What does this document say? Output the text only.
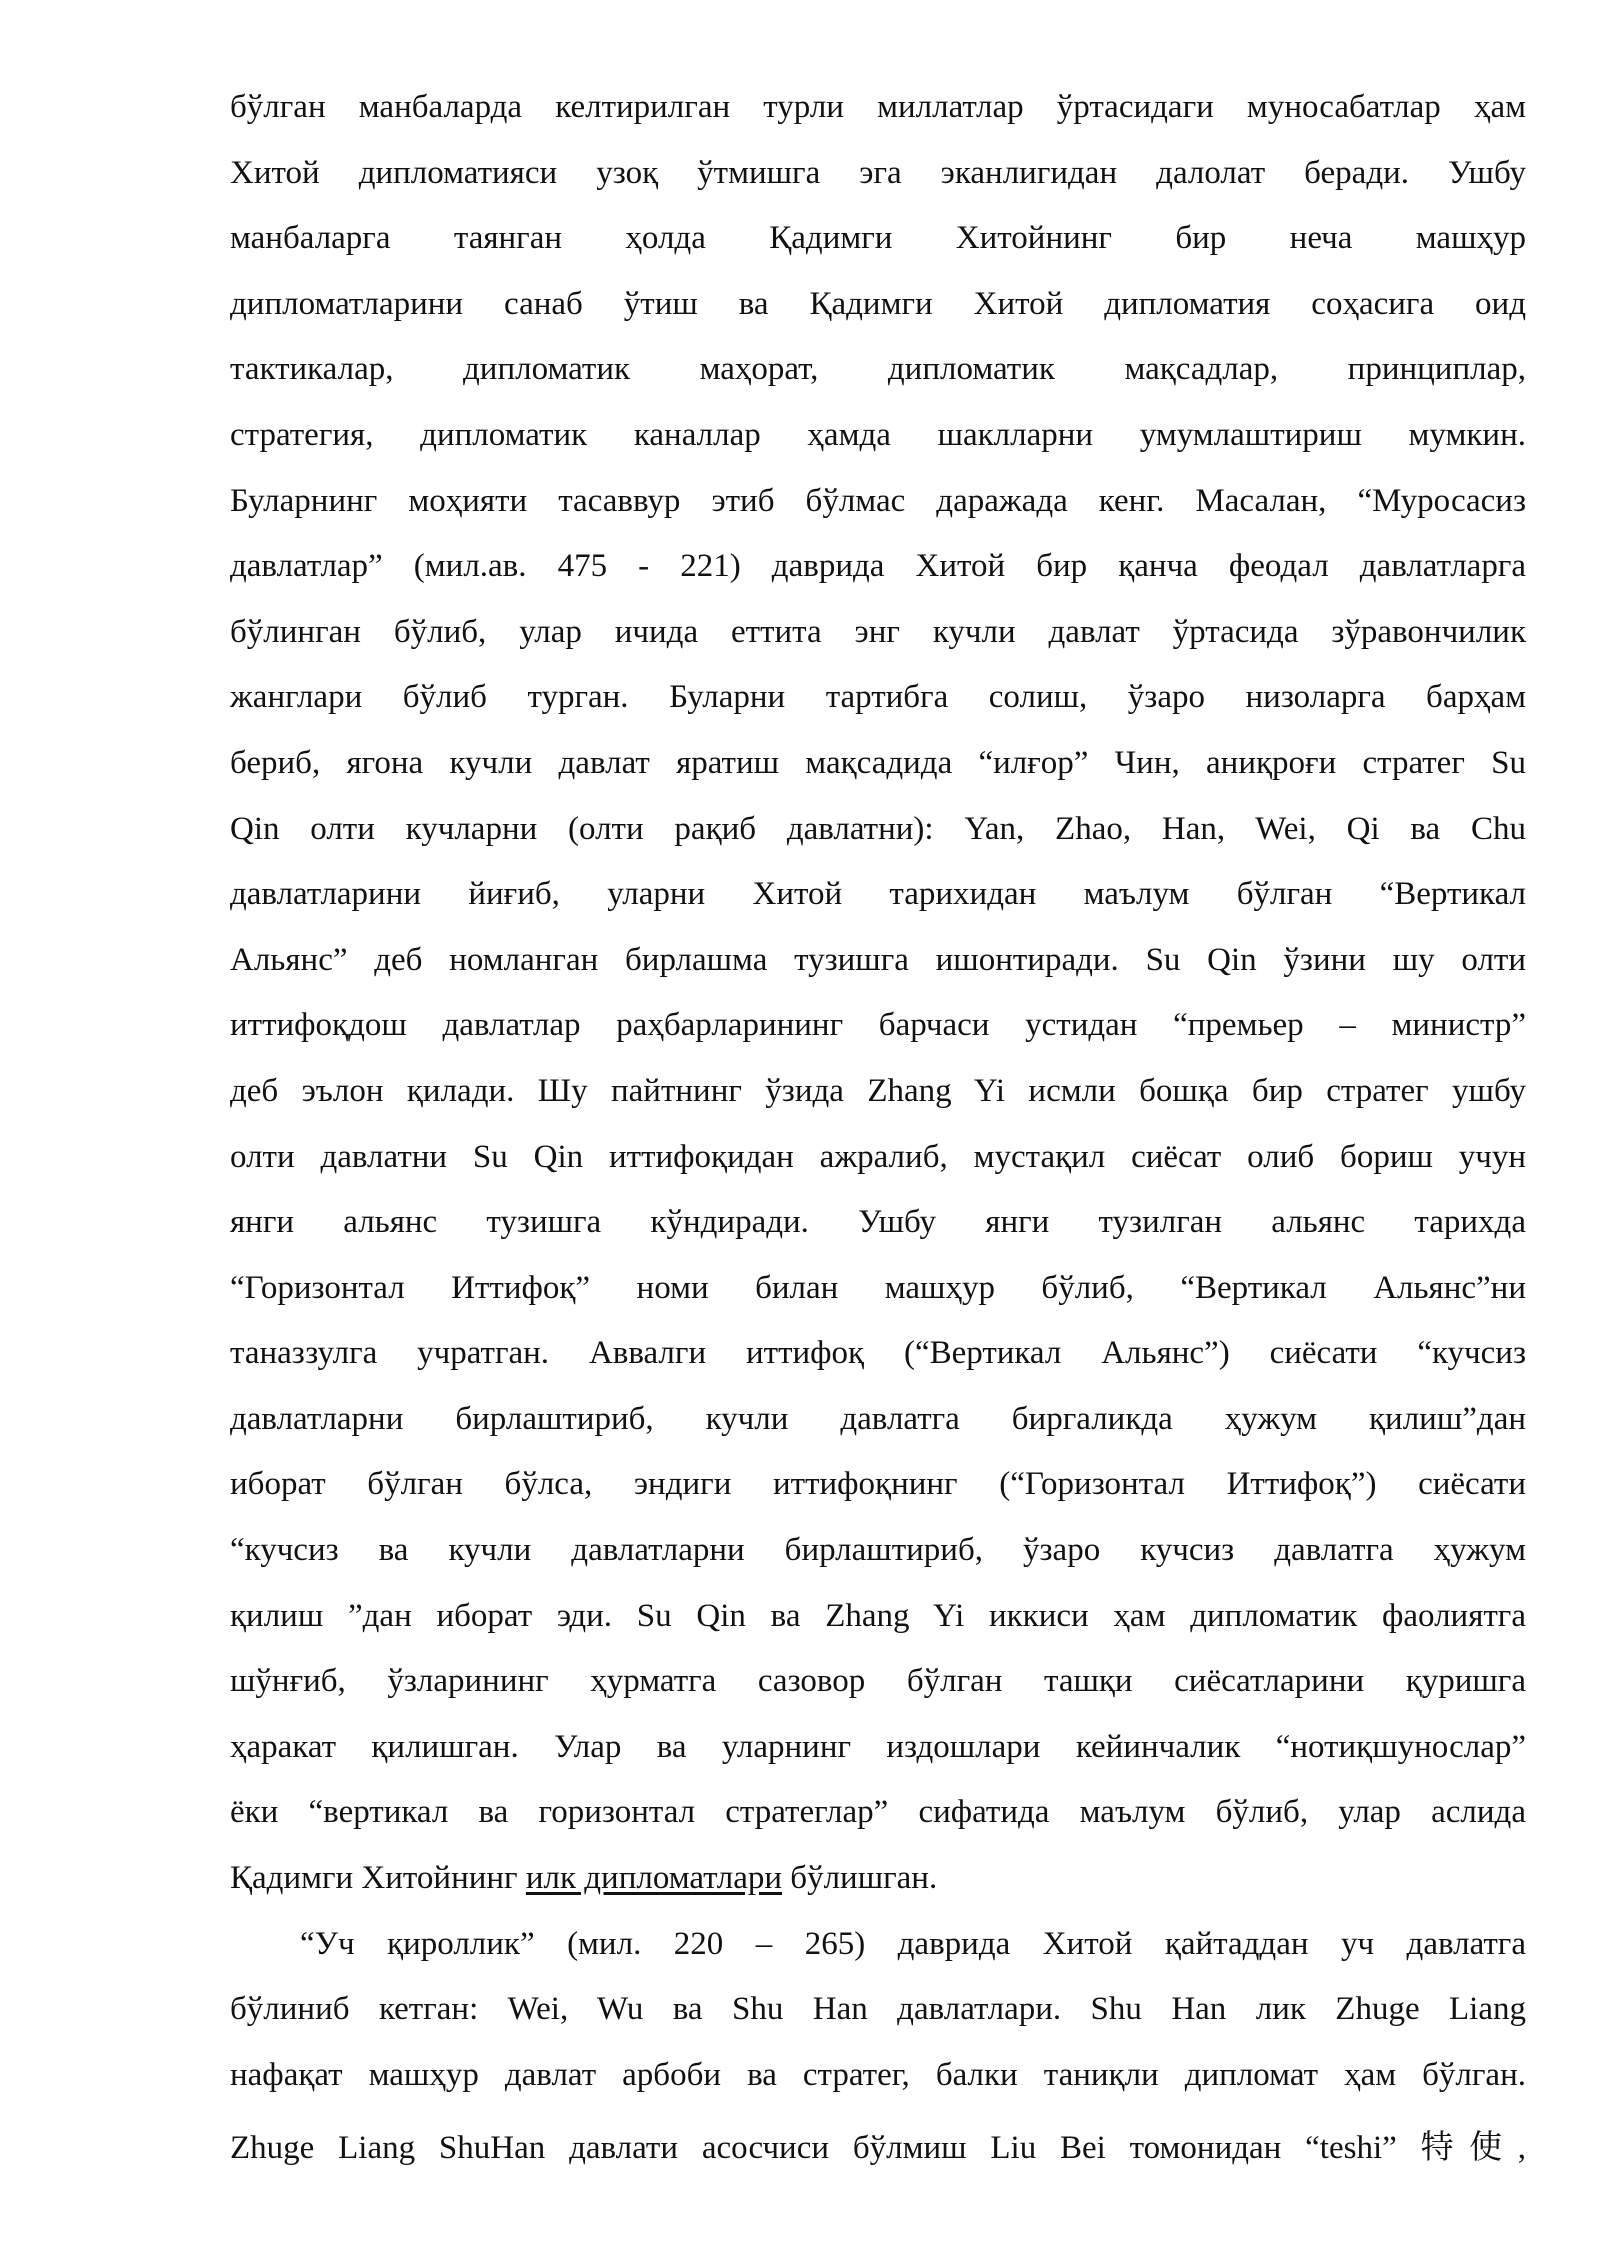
бўлган манбаларда келтирилган турли миллатлар ўртасидаги муносабатлар ҳам
Хитой дипломатияси узоқ ўтмишга эга эканлигидан далолат беради. Ушбу
манбаларга таянган ҳолда Қадимги Хитойнинг бир неча машҳур
дипломатларини санаб ўтиш ва Қадимги Хитой дипломатия соҳасига оид
тактикалар, дипломатик маҳорат, дипломатик мақсадлар, принциплар,
стратегия, дипломатик каналлар ҳамда шаклларни умумлаштириш мумкин.
Буларнинг моҳияти тасаввур этиб бўлмас даражада кенг. Масалан, “Муросасиз
давлатлар” (мил.ав. 475 - 221) даврида Хитой бир қанча феодал давлатларга
бўлинган бўлиб, улар ичида еттита энг кучли давлат ўртасида зўравончилик
жанглари бўлиб турган. Буларни тартибга солиш, ўзаро низоларга барҳам
бериб, ягона кучли давлат яратиш мақсадида “илғор” Чин, аниқроғи стратег Su
Qin олти кучларни (олти рақиб давлатни): Yan, Zhao, Han, Wei, Qi ва Chu
давлатларини йиғиб, уларни Хитой тарихидан маълум бўлган “Вертикал
Альянс” деб номланган бирлашма тузишга ишонтиради. Su Qin ўзини шу олти
иттифоқдош давлатлар раҳбарларининг барчаси устидан “премьер – министр”
деб эълон қилади. Шу пайтнинг ўзида Zhang Yi исмли бошқа бир стратег ушбу
олти давлатни Su Qin иттифоқидан ажралиб, мустақил сиёсат олиб бориш учун
янги альянс тузишга кўндиради. Ушбу янги тузилган альянс тарихда
“Горизонтал Иттифоқ” номи билан машҳур бўлиб, “Вертикал Альянс”ни
таназзулга учратган. Аввалги иттифоқ (“Вертикал Альянс”) сиёсати “кучсиз
давлатларни бирлаштириб, кучли давлатга биргаликда ҳужум қилиш”дан
иборат бўлган бўлса, эндиги иттифоқнинг (“Горизонтал Иттифоқ”) сиёсати
“кучсиз ва кучли давлатларни бирлаштириб, ўзаро кучсиз давлатга ҳужум
қилиш ”дан иборат эди. Su Qin ва Zhang Yi иккиси ҳам дипломатик фаолиятга
шўнғиб, ўзларининг ҳурматга сазовор бўлган ташқи сиёсатларини қуришга
ҳаракат қилишган. Улар ва уларнинг издошлари кейинчалик “нотиқшунослар”
ёки “вертикал ва горизонтал стратеглар” сифатида маълум бўлиб, улар аслида
Қадимги Хитойнинг илк дипломатлари бўлишган.
“Уч қироллик” (мил. 220 – 265) даврида Хитой қайтаддан уч давлатга
бўлиниб кетган: Wei, Wu ва Shu Han давлатлари. Shu Han лик Zhuge Liang
нафақат машҳур давлат арбоби ва стратег, балки таниқли дипломат ҳам бўлган.
Zhuge Liang ShuHan давлати асосчиси бўлмиш Liu Bei томонидан “teshi” 特使,
